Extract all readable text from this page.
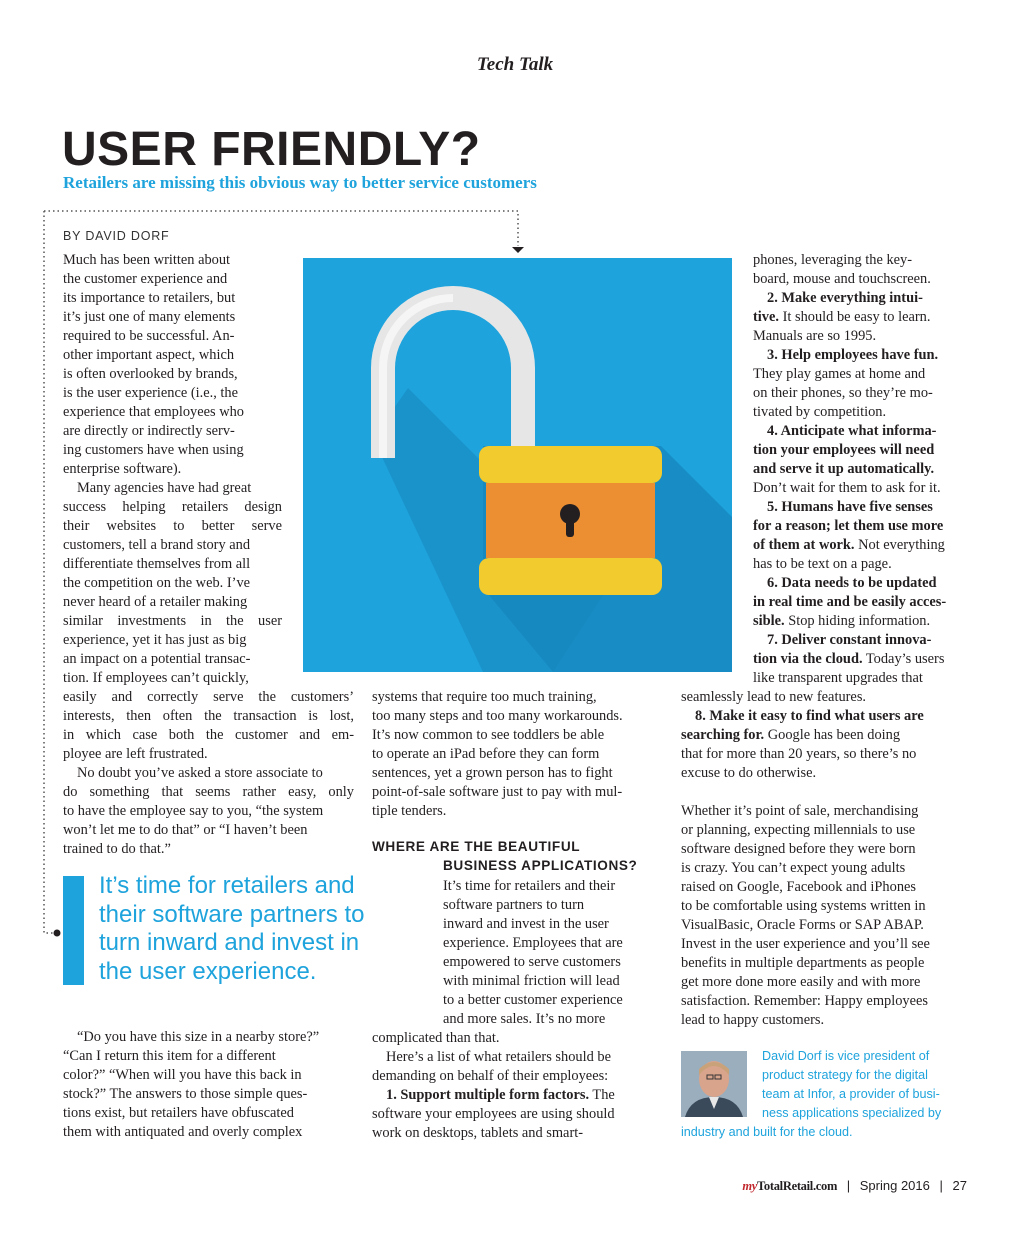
Tech Talk
USER FRIENDLY?
Retailers are missing this obvious way to better service customers
BY DAVID DORF
Much has been written about
the customer experience and
its importance to retailers, but
it’s just one of many elements
required to be successful. An-
other important aspect, which
is often overlooked by brands,
is the user experience (i.e., the
experience that employees who
are directly or indirectly serv-
ing customers have when using
enterprise software).
Many agencies have had great
success helping retailers design
their websites to better serve
customers, tell a brand story and
differentiate themselves from all
the competition on the web. I’ve
never heard of a retailer making
similar investments in the user
experience, yet it has just as big
an impact on a potential transac-
tion. If employees can’t quickly,
easily and correctly serve the customers’
interests, then often the transaction is lost,
in which case both the customer and em-
ployee are left frustrated.
No doubt you’ve asked a store associate to
do something that seems rather easy, only
to have the employee say to you, “the system
won’t let me to do that” or “I haven’t been
trained to do that.”
It’s time for retailers and
their software partners to
turn inward and invest in
the user experience.
“Do you have this size in a nearby store?”
“Can I return this item for a different
color?” “When will you have this back in
stock?” The answers to those simple ques-
tions exist, but retailers have obfuscated
them with antiquated and overly complex
systems that require too much training,
too many steps and too many workarounds.
It’s now common to see toddlers be able
to operate an iPad before they can form
sentences, yet a grown person has to fight
point-of-sale software just to pay with mul-
tiple tenders.
WHERE ARE THE BEAUTIFUL
BUSINESS APPLICATIONS?
It’s time for retailers and their
software partners to turn
inward and invest in the user
experience. Employees that are
empowered to serve customers
with minimal friction will lead
to a better customer experience
and more sales. It’s no more
complicated than that.
Here’s a list of what retailers should be
demanding on behalf of their employees:
1. Support multiple form factors. The
software your employees are using should
work on desktops, tablets and smart-
phones, leveraging the key-
board, mouse and touchscreen.
2. Make everything intui-
tive. It should be easy to learn.
Manuals are so 1995.
3. Help employees have fun.
They play games at home and
on their phones, so they’re mo-
tivated by competition.
4. Anticipate what informa-
tion your employees will need
and serve it up automatically.
Don’t wait for them to ask for it.
5. Humans have five senses
for a reason; let them use more
of them at work. Not everything
has to be text on a page.
6. Data needs to be updated
in real time and be easily acces-
sible. Stop hiding information.
7. Deliver constant innova-
tion via the cloud. Today’s users
like transparent upgrades that
seamlessly lead to new features.
8. Make it easy to find what users are
searching for. Google has been doing
that for more than 20 years, so there’s no
excuse to do otherwise.
Whether it’s point of sale, merchandising
or planning, expecting millennials to use
software designed before they were born
is crazy. You can’t expect young adults
raised on Google, Facebook and iPhones
to be comfortable using systems written in
VisualBasic, Oracle Forms or SAP ABAP.
Invest in the user experience and you’ll see
benefits in multiple departments as people
get more done more easily and with more
satisfaction. Remember: Happy employees
lead to happy customers.
David Dorf is vice president of
product strategy for the digital
team at Infor, a provider of busi-
ness applications specialized by
industry and built for the cloud.
myTotalRetail.com | Spring 2016 | 27
